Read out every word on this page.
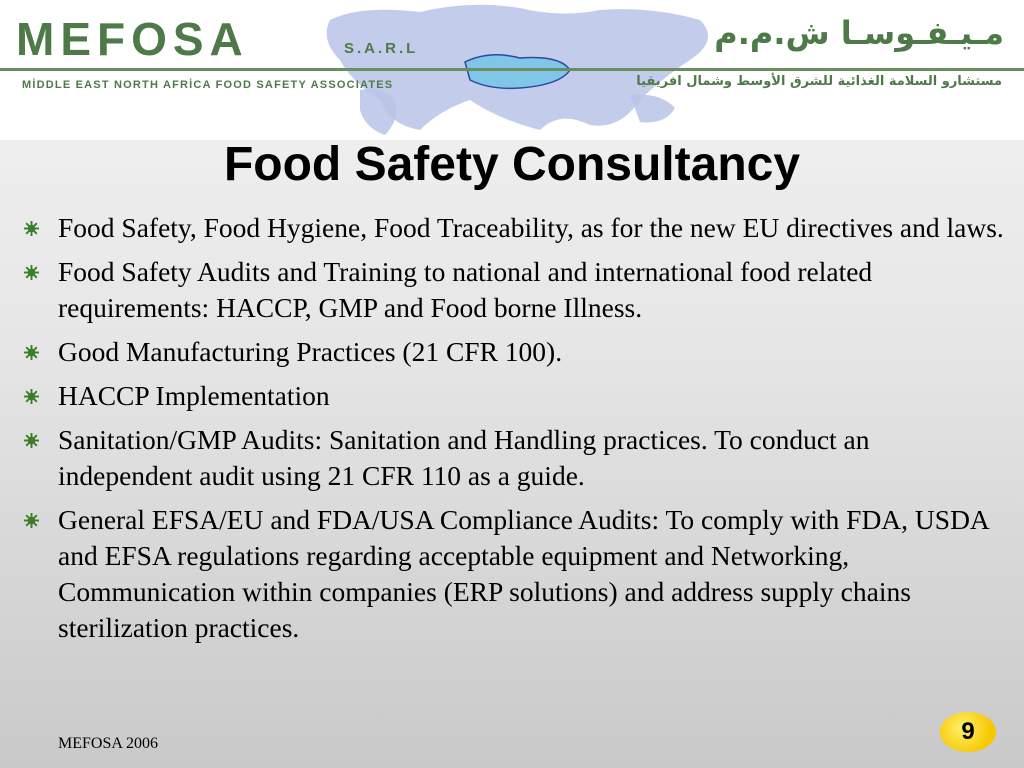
MEFOSA	S.A.R.L
MİDDLE EAST NORTH AFRİCA FOOD SAFETY ASSOCIATES
مـيـفـوسـا ش.م.م
مستشارو السلامة الغذائية للشرق الأوسط وشمال افريقيا
Food Safety Consultancy
Food Safety, Food Hygiene, Food Traceability, as for the new EU directives and laws.
Food Safety Audits and Training to national and international food related requirements: HACCP, GMP and Food borne Illness.
Good Manufacturing Practices (21 CFR 100).
HACCP Implementation
Sanitation/GMP Audits: Sanitation and Handling practices. To conduct an independent audit using 21 CFR 110 as a guide.
General EFSA/EU and FDA/USA Compliance Audits: To comply with FDA, USDA and EFSA regulations regarding acceptable equipment and Networking, Communication within companies (ERP solutions) and address supply chains sterilization practices.
MEFOSA 2006	9
